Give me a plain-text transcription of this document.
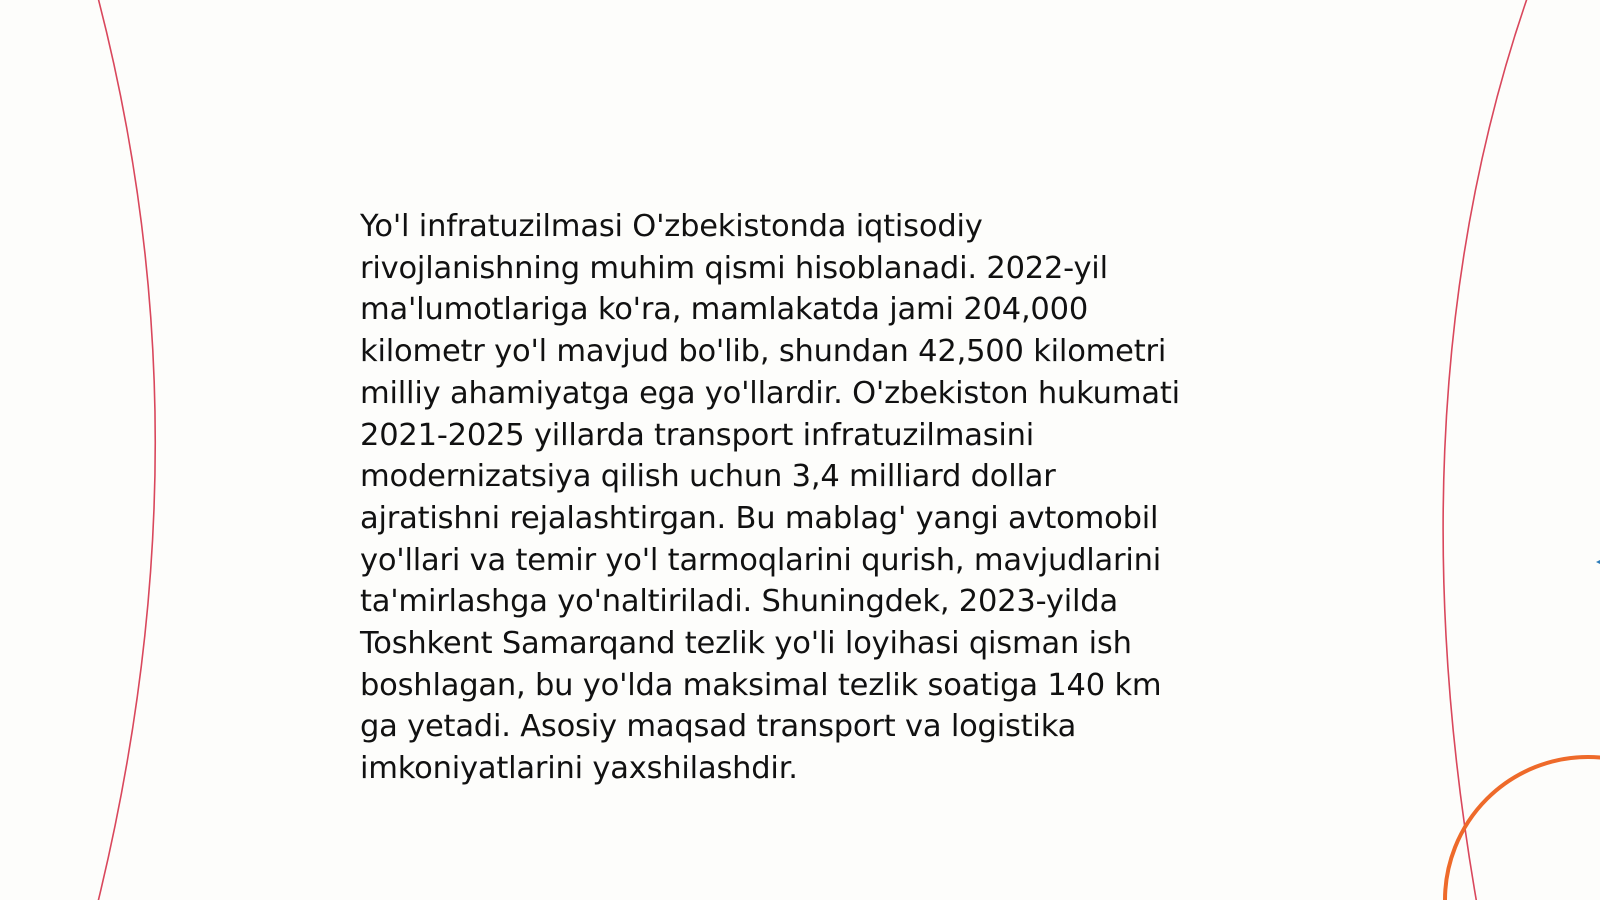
Yo'l infratuzilmasi O'zbekistonda iqtisodiy
rivojlanishning muhim qismi hisoblanadi. 2022-yil
ma'lumotlariga ko'ra, mamlakatda jami 204,000
kilometr yo'l mavjud bo'lib, shundan 42,500 kilometri
milliy ahamiyatga ega yo'llardir. O'zbekiston hukumati
2021-2025 yillarda transport infratuzilmasini
modernizatsiya qilish uchun 3,4 milliard dollar
ajratishni rejalashtirgan. Bu mablag' yangi avtomobil
yo'llari va temir yo'l tarmoqlarini qurish, mavjudlarini
ta'mirlashga yo'naltiriladi. Shuningdek, 2023-yilda
Toshkent Samarqand tezlik yo'li loyihasi qisman ish
boshlagan, bu yo'lda maksimal tezlik soatiga 140 km
ga yetadi. Asosiy maqsad transport va logistika
imkoniyatlarini yaxshilashdir.
